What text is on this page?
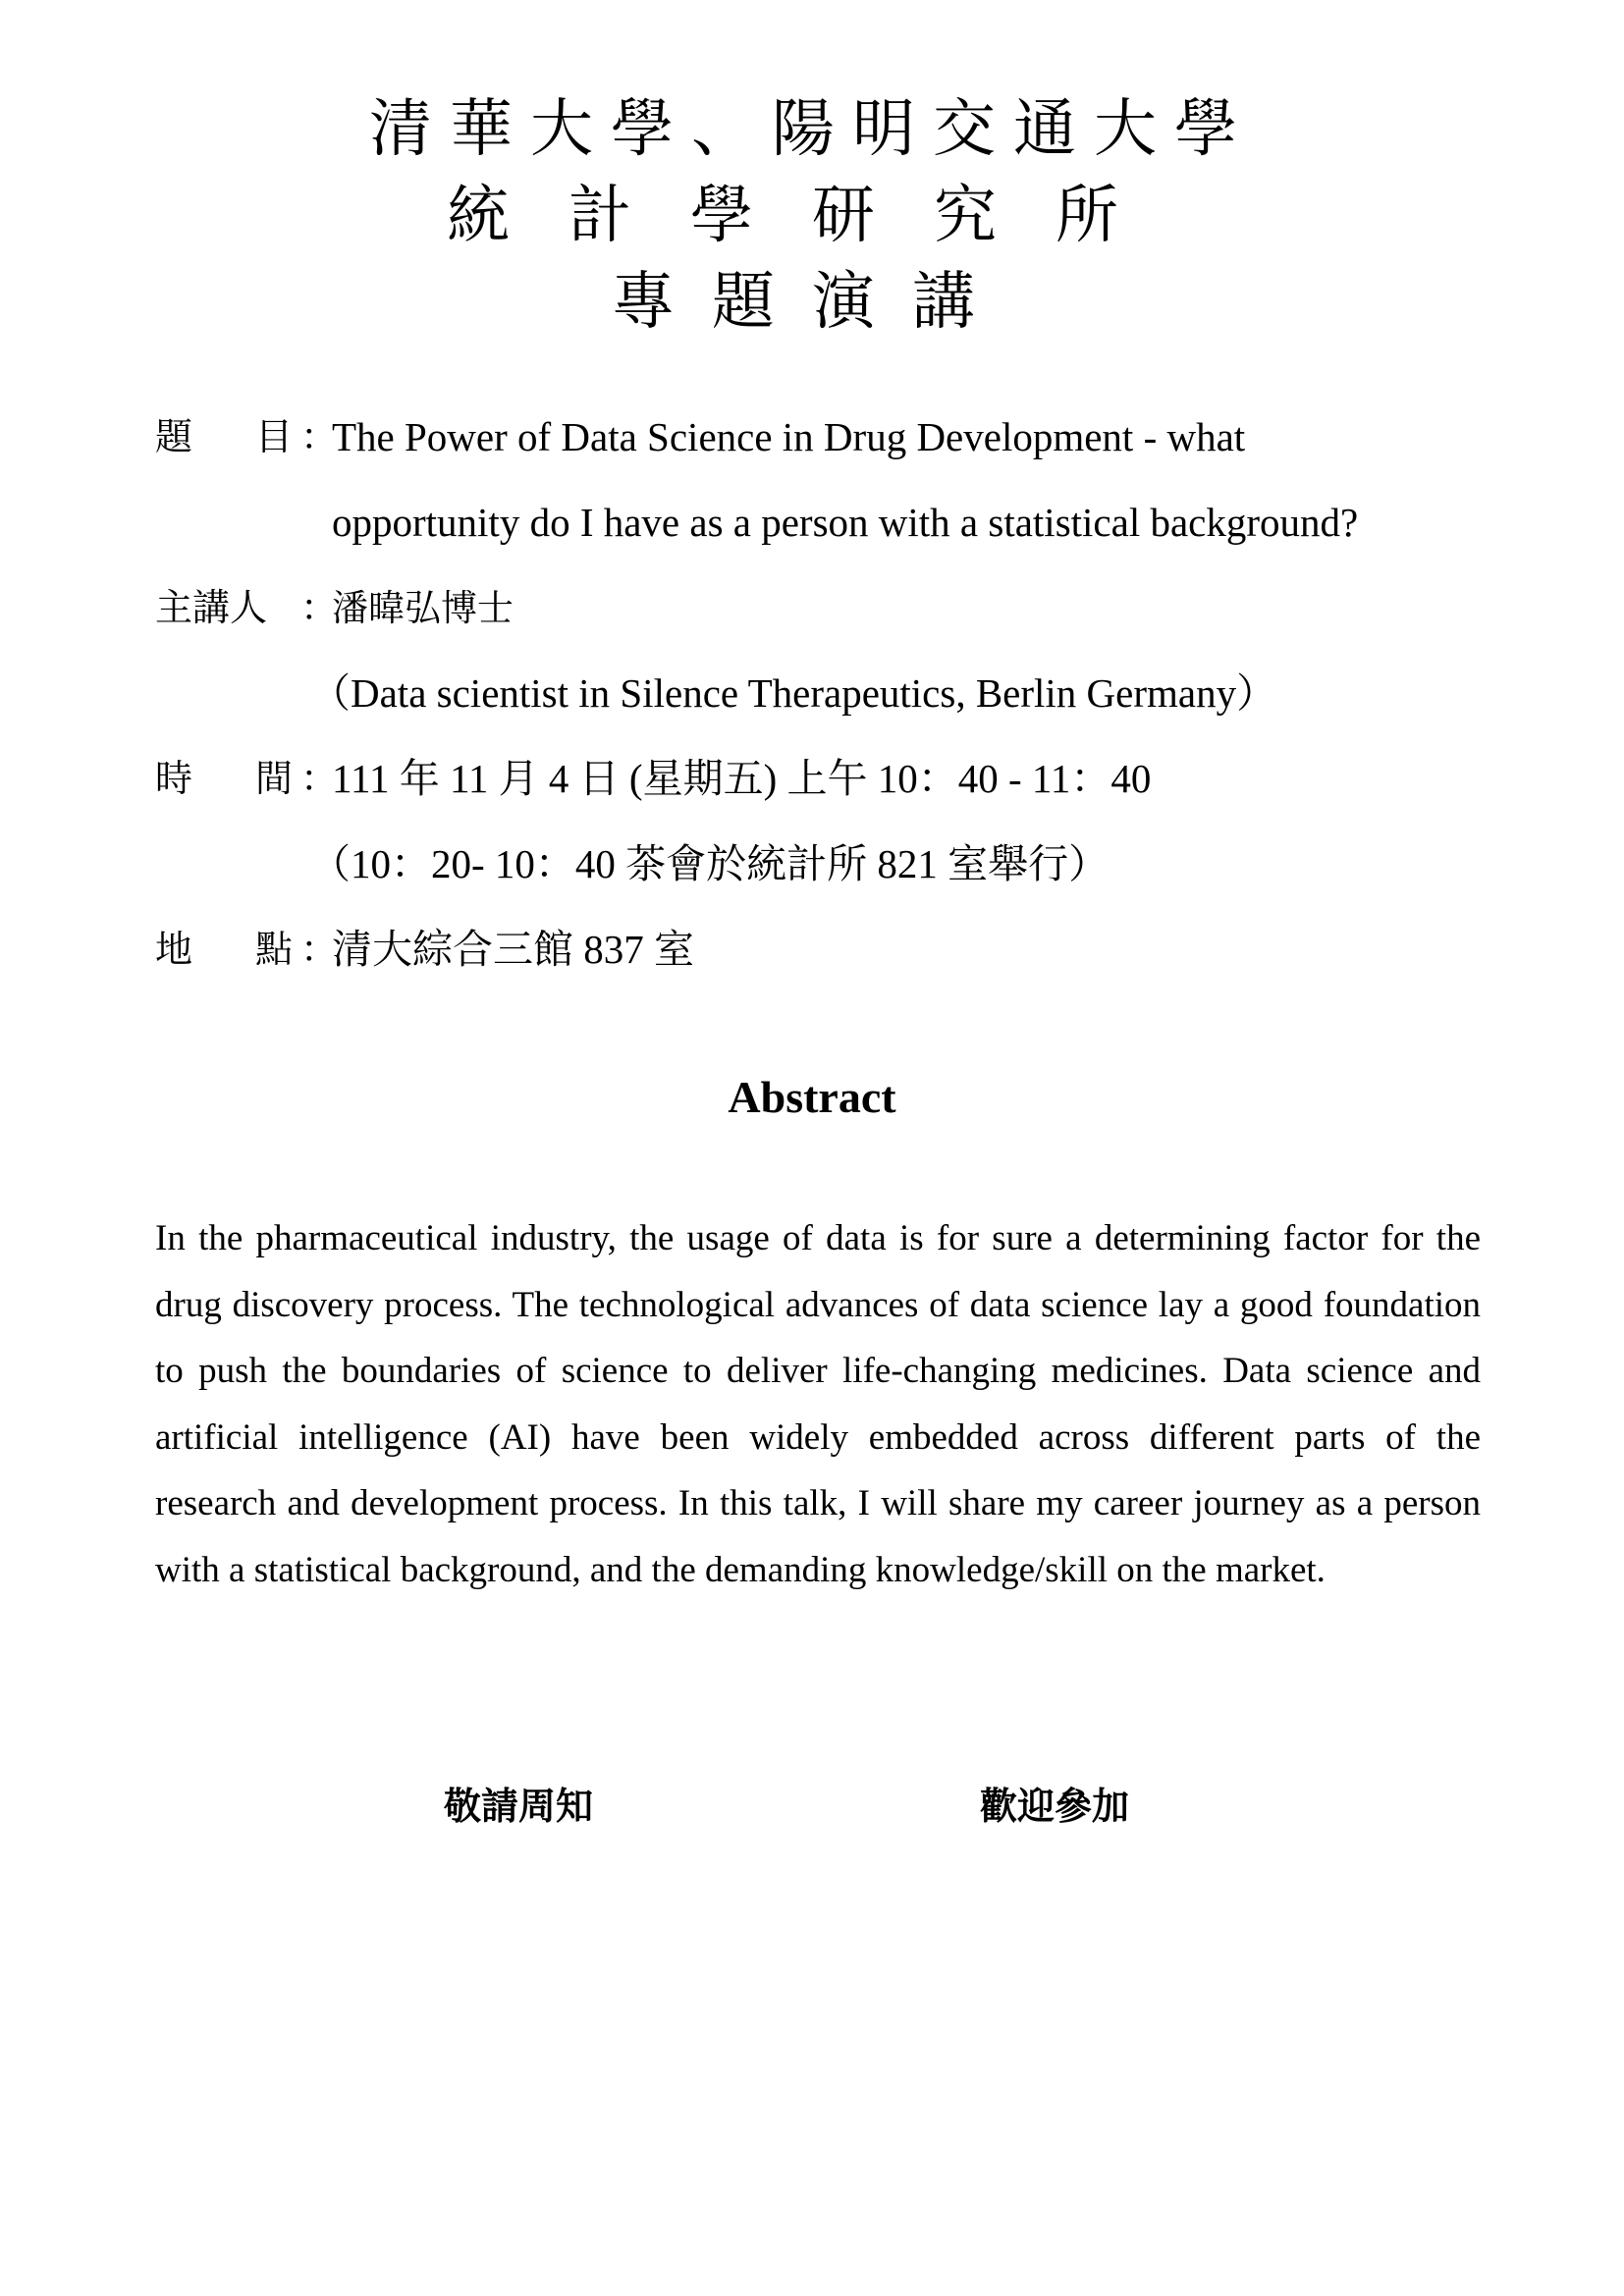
清華大學、陽明交通大學
統計學研究所
專題演講
題 目 ：
The Power of Data Science in Drug Development - what
opportunity do I have as a person with a statistical background?
主講人 ：
潘暐弘博士
（Data scientist in Silence Therapeutics, Berlin Germany）
時 間 ：
111 年 11 月 4 日 (星期五) 上午 10：40 - 11：40
（10：20- 10：40 茶會於統計所 821 室舉行）
地 點 ：
清大綜合三館 837 室
Abstract
In the pharmaceutical industry, the usage of data is for sure a determining factor for the drug discovery process. The technological advances of data science lay a good foundation to push the boundaries of science to deliver life-changing medicines. Data science and artificial intelligence (AI) have been widely embedded across different parts of the research and development process. In this talk, I will share my career journey as a person with a statistical background, and the demanding knowledge/skill on the market.
敬請周知	歡迎參加
